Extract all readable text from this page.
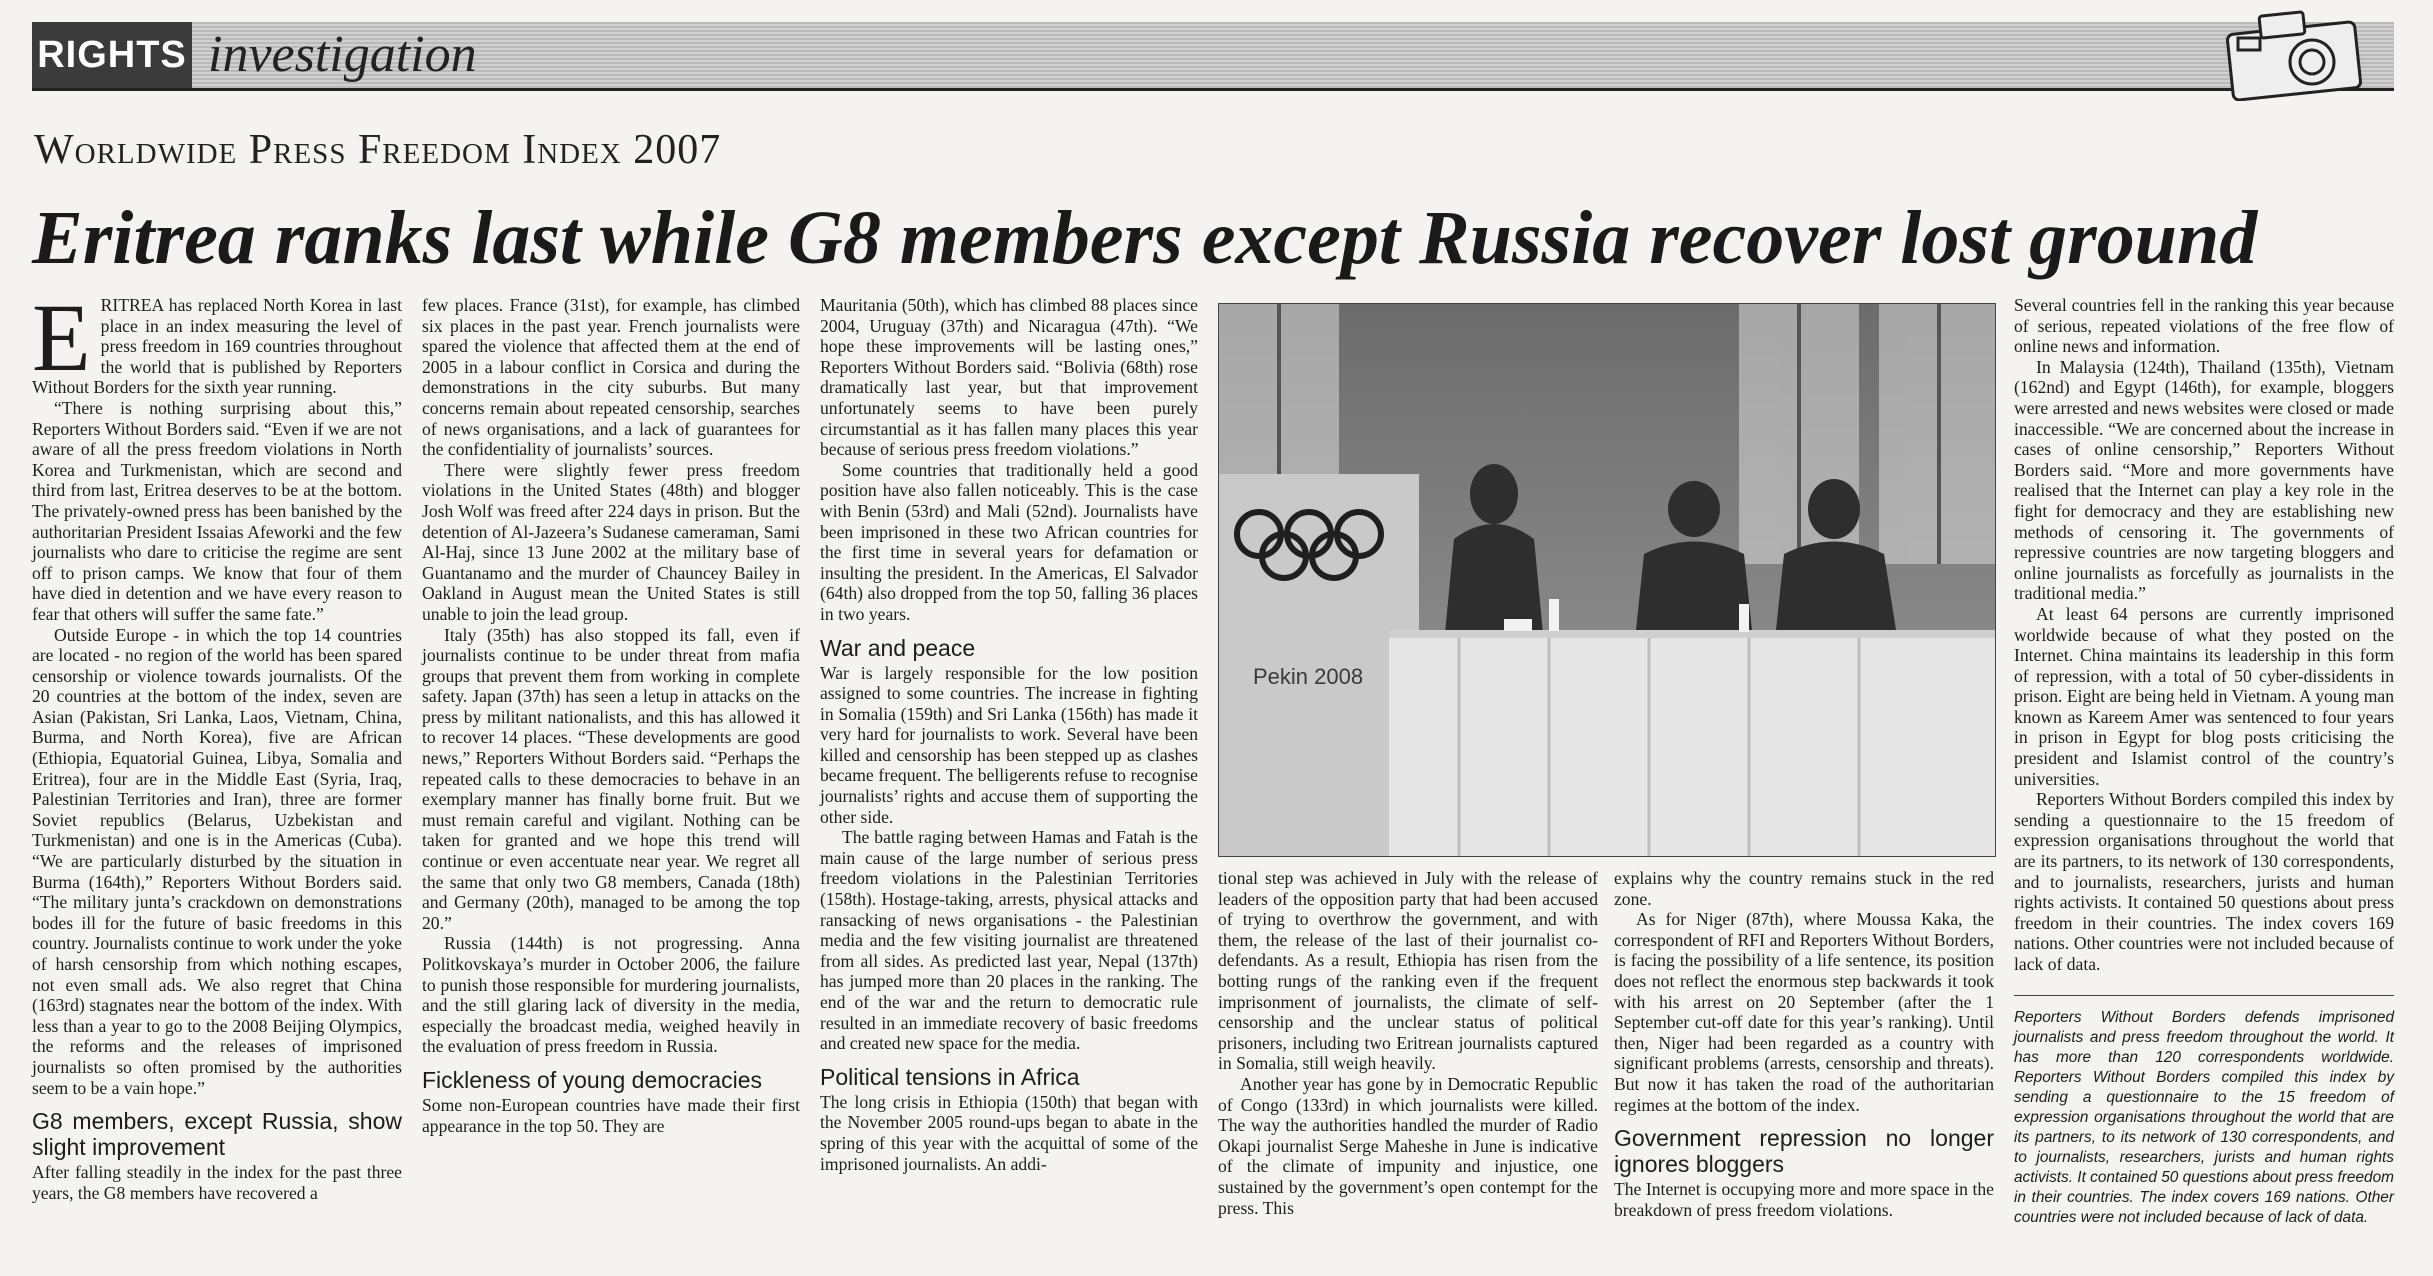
RIGHTS investigation
Worldwide Press Freedom Index 2007
Eritrea ranks last while G8 members except Russia recover lost ground

ERITREA has replaced North Korea in last place in an index measuring the level of press freedom in 169 countries throughout the world that is published by Reporters Without Borders for the sixth year running.

“There is nothing surprising about this,” Reporters Without Borders said. “Even if we are not aware of all the press freedom violations in North Korea and Turkmenistan, which are second and third from last, Eritrea deserves to be at the bottom. The privately-owned press has been banished by the authoritarian President Issaias Afeworki and the few journalists who dare to criticise the regime are sent off to prison camps. We know that four of them have died in detention and we have every reason to fear that others will suffer the same fate.”

Outside Europe - in which the top 14 countries are located - no region of the world has been spared censorship or violence towards journalists. Of the 20 countries at the bottom of the index, seven are Asian (Pakistan, Sri Lanka, Laos, Vietnam, China, Burma, and North Korea), five are African (Ethiopia, Equatorial Guinea, Libya, Somalia and Eritrea), four are in the Middle East (Syria, Iraq, Palestinian Territories and Iran), three are former Soviet republics (Belarus, Uzbekistan and Turkmenistan) and one is in the Americas (Cuba). “We are particularly disturbed by the situation in Burma (164th),” Reporters Without Borders said. “The military junta’s crackdown on demonstrations bodes ill for the future of basic freedoms in this country. Journalists continue to work under the yoke of harsh censorship from which nothing escapes, not even small ads. We also regret that China (163rd) stagnates near the bottom of the index. With less than a year to go to the 2008 Beijing Olympics, the reforms and the releases of imprisoned journalists so often promised by the authorities seem to be a vain hope.”

G8 members, except Russia, show slight improvement

After falling steadily in the index for the past three years, the G8 members have recovered a

few places. France (31st), for example, has climbed six places in the past year. French journalists were spared the violence that affected them at the end of 2005 in a labour conflict in Corsica and during the demonstrations in the city suburbs. But many concerns remain about repeated censorship, searches of news organisations, and a lack of guarantees for the confidentiality of journalists’ sources.

There were slightly fewer press freedom violations in the United States (48th) and blogger Josh Wolf was freed after 224 days in prison. But the detention of Al-Jazeera’s Sudanese cameraman, Sami Al-Haj, since 13 June 2002 at the military base of Guantanamo and the murder of Chauncey Bailey in Oakland in August mean the United States is still unable to join the lead group.

Italy (35th) has also stopped its fall, even if journalists continue to be under threat from mafia groups that prevent them from working in complete safety. Japan (37th) has seen a letup in attacks on the press by militant nationalists, and this has allowed it to recover 14 places. “These developments are good news,” Reporters Without Borders said. “Perhaps the repeated calls to these democracies to behave in an exemplary manner has finally borne fruit. But we must remain careful and vigilant. Nothing can be taken for granted and we hope this trend will continue or even accentuate near year. We regret all the same that only two G8 members, Canada (18th) and Germany (20th), managed to be among the top 20.”

Russia (144th) is not progressing. Anna Politkovskaya’s murder in October 2006, the failure to punish those responsible for murdering journalists, and the still glaring lack of diversity in the media, especially the broadcast media, weighed heavily in the evaluation of press freedom in Russia.

Fickleness of young democracies

Some non-European countries have made their first appearance in the top 50. They are

Mauritania (50th), which has climbed 88 places since 2004, Uruguay (37th) and Nicaragua (47th). “We hope these improvements will be lasting ones,” Reporters Without Borders said. “Bolivia (68th) rose dramatically last year, but that improvement unfortunately seems to have been purely circumstantial as it has fallen many places this year because of serious press freedom violations.”

Some countries that traditionally held a good position have also fallen noticeably. This is the case with Benin (53rd) and Mali (52nd). Journalists have been imprisoned in these two African countries for the first time in several years for defamation or insulting the president. In the Americas, El Salvador (64th) also dropped from the top 50, falling 36 places in two years.

War and peace

War is largely responsible for the low position assigned to some countries. The increase in fighting in Somalia (159th) and Sri Lanka (156th) has made it very hard for journalists to work. Several have been killed and censorship has been stepped up as clashes became frequent. The belligerents refuse to recognise journalists’ rights and accuse them of supporting the other side.

The battle raging between Hamas and Fatah is the main cause of the large number of serious press freedom violations in the Palestinian Territories (158th). Hostage-taking, arrests, physical attacks and ransacking of news organisations - the Palestinian media and the few visiting journalist are threatened from all sides. As predicted last year, Nepal (137th) has jumped more than 20 places in the ranking. The end of the war and the return to democratic rule resulted in an immediate recovery of basic freedoms and created new space for the media.

Political tensions in Africa

The long crisis in Ethiopia (150th) that began with the November 2005 round-ups began to abate in the spring of this year with the acquittal of some of the imprisoned journalists. An addi-

Pekin 2008

tional step was achieved in July with the release of leaders of the opposition party that had been accused of trying to overthrow the government, and with them, the release of the last of their journalist co-defendants. As a result, Ethiopia has risen from the botting rungs of the ranking even if the frequent imprisonment of journalists, the climate of self-censorship and the unclear status of political prisoners, including two Eritrean journalists captured in Somalia, still weigh heavily.

Another year has gone by in Democratic Republic of Congo (133rd) in which journalists were killed. The way the authorities handled the murder of Radio Okapi journalist Serge Maheshe in June is indicative of the climate of impunity and injustice, one sustained by the government’s open contempt for the press. This

explains why the country remains stuck in the red zone.

As for Niger (87th), where Moussa Kaka, the correspondent of RFI and Reporters Without Borders, is facing the possibility of a life sentence, its position does not reflect the enormous step backwards it took with his arrest on 20 September (after the 1 September cut-off date for this year’s ranking). Until then, Niger had been regarded as a country with significant problems (arrests, censorship and threats). But now it has taken the road of the authoritarian regimes at the bottom of the index.

Government repression no longer ignores bloggers

The Internet is occupying more and more space in the breakdown of press freedom violations.

Several countries fell in the ranking this year because of serious, repeated violations of the free flow of online news and information.

In Malaysia (124th), Thailand (135th), Vietnam (162nd) and Egypt (146th), for example, bloggers were arrested and news websites were closed or made inaccessible. “We are concerned about the increase in cases of online censorship,” Reporters Without Borders said. “More and more governments have realised that the Internet can play a key role in the fight for democracy and they are establishing new methods of censoring it. The governments of repressive countries are now targeting bloggers and online journalists as forcefully as journalists in the traditional media.”

At least 64 persons are currently imprisoned worldwide because of what they posted on the Internet. China maintains its leadership in this form of repression, with a total of 50 cyber-dissidents in prison. Eight are being held in Vietnam. A young man known as Kareem Amer was sentenced to four years in prison in Egypt for blog posts criticising the president and Islamist control of the country’s universities.

Reporters Without Borders compiled this index by sending a questionnaire to the 15 freedom of expression organisations throughout the world that are its partners, to its network of 130 correspondents, and to journalists, researchers, jurists and human rights activists. It contained 50 questions about press freedom in their countries. The index covers 169 nations. Other countries were not included because of lack of data.

Reporters Without Borders defends imprisoned journalists and press freedom throughout the world. It has more than 120 correspondents worldwide. Reporters Without Borders compiled this index by sending a questionnaire to the 15 freedom of expression organisations throughout the world that are its partners, to its network of 130 correspondents, and to journalists, researchers, jurists and human rights activists. It contained 50 questions about press freedom in their countries. The index covers 169 nations. Other countries were not included because of lack of data.
